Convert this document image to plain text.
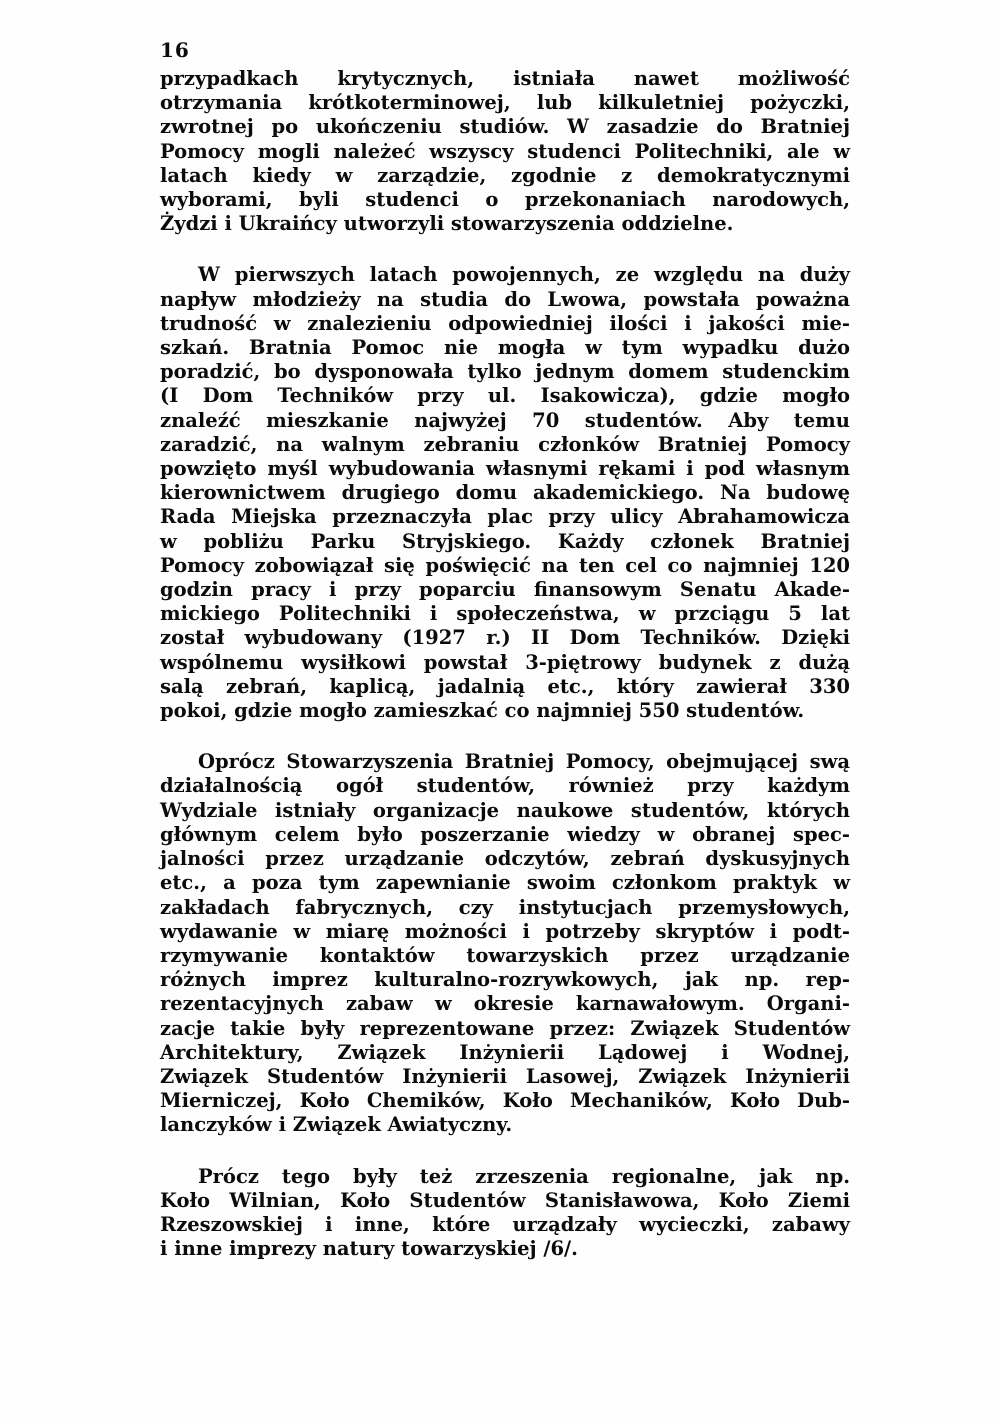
16
przypadkach krytycznych, istniała nawet możliwość
otrzymania krótkoterminowej, lub kilkuletniej pożyczki,
zwrotnej po ukończeniu studiów. W zasadzie do Bratniej
Pomocy mogli należeć wszyscy studenci Politechniki, ale w
latach kiedy w zarządzie, zgodnie z demokratycznymi
wyborami, byli studenci o przekonaniach narodowych,
Żydzi i Ukraińcy utworzyli stowarzyszenia oddzielne.
W pierwszych latach powojennych, ze względu na duży
napływ młodzieży na studia do Lwowa, powstała poważna
trudność w znalezieniu odpowiedniej ilości i jakości mie-
szkań. Bratnia Pomoc nie mogła w tym wypadku dużo
poradzić, bo dysponowała tylko jednym domem studenckim
(I Dom Techników przy ul. Isakowicza), gdzie mogło
znaleźć mieszkanie najwyżej 70 studentów. Aby temu
zaradzić, na walnym zebraniu członków Bratniej Pomocy
powzięto myśl wybudowania własnymi rękami i pod własnym
kierownictwem drugiego domu akademickiego. Na budowę
Rada Miejska przeznaczyła plac przy ulicy Abrahamowicza
w pobliżu Parku Stryjskiego. Każdy członek Bratniej
Pomocy zobowiązał się poświęcić na ten cel co najmniej 120
godzin pracy i przy poparciu finansowym Senatu Akade-
mickiego Politechniki i społeczeństwa, w przciągu 5 lat
został wybudowany (1927 r.) II Dom Techników. Dzięki
wspólnemu wysiłkowi powstał 3-piętrowy budynek z dużą
salą zebrań, kaplicą, jadalnią etc., który zawierał 330
pokoi, gdzie mogło zamieszkać co najmniej 550 studentów.
Oprócz Stowarzyszenia Bratniej Pomocy, obejmującej swą
działalnością ogół studentów, również przy każdym
Wydziale istniały organizacje naukowe studentów, których
głównym celem było poszerzanie wiedzy w obranej spec-
jalności przez urządzanie odczytów, zebrań dyskusyjnych
etc., a poza tym zapewnianie swoim członkom praktyk w
zakładach fabrycznych, czy instytucjach przemysłowych,
wydawanie w miarę możności i potrzeby skryptów i podt-
rzymywanie kontaktów towarzyskich przez urządzanie
różnych imprez kulturalno-rozrywkowych, jak np. rep-
rezentacyjnych zabaw w okresie karnawałowym. Organi-
zacje takie były reprezentowane przez: Związek Studentów
Architektury, Związek Inżynierii Lądowej i Wodnej,
Związek Studentów Inżynierii Lasowej, Związek Inżynierii
Mierniczej, Koło Chemików, Koło Mechaników, Koło Dub-
lanczyków i Związek Awiatyczny.
Prócz tego były też zrzeszenia regionalne, jak np.
Koło Wilnian, Koło Studentów Stanisławowa, Koło Ziemi
Rzeszowskiej i inne, które urządzały wycieczki, zabawy
i inne imprezy natury towarzyskiej /6/.
